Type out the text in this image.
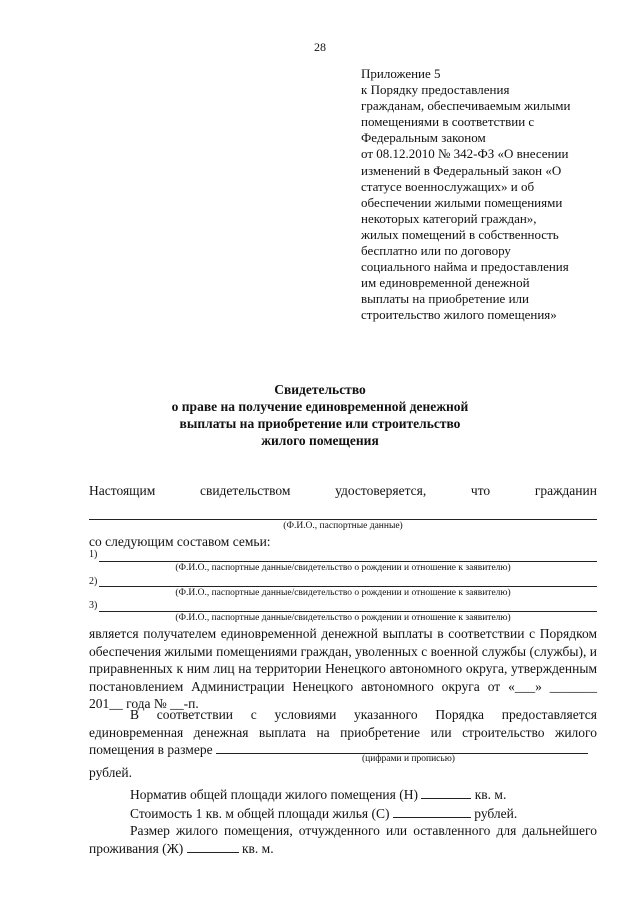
28
Приложение 5
к Порядку предоставления
гражданам, обеспечиваемым жилыми
помещениями в соответствии с
Федеральным законом
от 08.12.2010 № 342-ФЗ «О внесении
изменений в Федеральный закон «О
статусе военнослужащих» и об
обеспечении жилыми помещениями
некоторых категорий граждан»,
жилых помещений в собственность
бесплатно или по договору
социального найма и предоставления
им единовременной денежной
выплаты на приобретение или
строительство жилого помещения»
Свидетельство
о праве на получение единовременной денежной
выплаты на приобретение или строительство
жилого помещения
Настоящим	свидетельством	удостоверяется,	что	гражданин
(Ф.И.О., паспортные данные)
со следующим составом семьи:
1)
(Ф.И.О., паспортные данные/свидетельство о рождении и отношение к заявителю)
2)
(Ф.И.О., паспортные данные/свидетельство о рождении и отношение к заявителю)
3)
(Ф.И.О., паспортные данные/свидетельство о рождении и отношение к заявителю)
является получателем единовременной денежной выплаты в соответствии с Порядком обеспечения жилыми помещениями граждан, уволенных с военной службы (службы), и приравненных к ним лиц на территории Ненецкого автономного округа, утвержденным постановлением Администрации Ненецкого автономного округа от «___» _______ 201__ года № __-п.
В соответствии с условиями указанного Порядка предоставляется единовременная денежная выплата на приобретение или строительство жилого помещения в размере
(цифрами и прописью)
рублей.
Норматив общей площади жилого помещения (Н)	кв. м.
Стоимость 1 кв. м общей площади жилья (С)	рублей.
Размер жилого помещения, отчужденного или оставленного для дальнейшего проживания (Ж)	кв. м.
